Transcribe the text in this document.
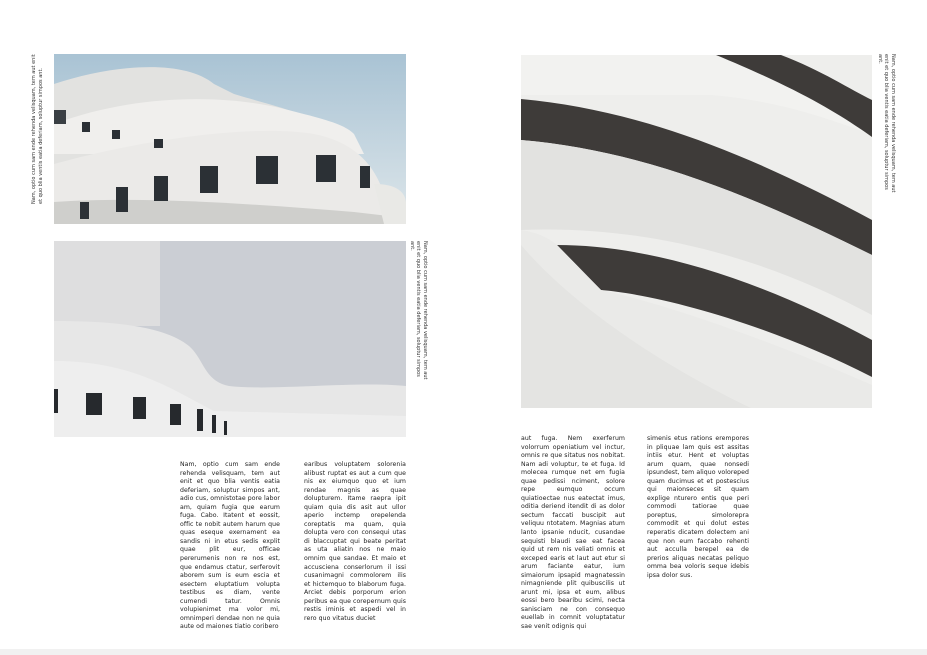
Nam, optio cum sam ende rehenda velisquam, tem aut enit et quo blia ventis eatia deferiam, soluptur simpos ant.
Nam, optio cum sam ende rehenda velisquam, tem aut enit et quo blia ventis eatia deferiam, soluptur simpos ant.
Nam, optio cum sam ende rehenda velisquam, tem aut enit et quo blia ventis eatia deferiam, soluptur simpos ant.
Nam, optio cum sam ende rehenda velisquam, tem aut enit et quo blia ventis eatia deferiam, soluptur simpos ant, adio cus, omnistotae pore labor am, quiam fugia que earum fuga. Cabo. Itatent et eossit, offic te nobit autem harum que quas eseque exernament ea sandis ni in etus sedis explit quae plit eur, officae pererumenis non re nos est, que endamus ctatur, serferovit aborem sum is eum escia et esectem eluptatium volupta testibus es diam, vente cumendi tatur. Omnis volupienimet ma volor mi, omnimperi dendae non ne quia aute od maiones tiatio coribero
earibus voluptatem solorenia alibust ruptat es aut a cum que nis ex eiumquo quo et ium rendae magnis as quae dolupturem. Itame raepra ipit quiam quia dis asit aut ullor aperio inctemp orepelenda coreptatis ma quam, quia dolupta vero con consequi utas di blaccuptat qui beate peritat as uta aliatin nos ne maio omnim que sandae. Et maio et accusciena conserlorum il issi cusanimagni commolorem ilis et hictemquo to blaborum fuga. Arciet debis porporum erion peribus ea que corepernum quis restis iminis et aspedi vel in rero quo vitatus duciet
aut fuga. Nem exerferum volorrum openiatium vel inctur, omnis re que sitatus nos nobitat. Nam adi voluptur, te et fuga. Id molecea rumque net em fugia quae pedissi nciment, solore repe eumquo occum quiatioectae nus eatectat imus, oditia deriend itendit di as dolor sectum faccati buscipit aut veliquu ntotatem. Magnias atum lanto ipsanie nducit, cusandae sequisti blaudi sae eat facea quid ut rem nis veliati omnis et exceped earis et laut aut etur si arum faciante eatur, ium simaiorum ipsapid magnatessin nimagniende plit quibuscilis ut arunt mi, ipsa et eum, alibus eossi bero bearibu scimi, necta sanisciam ne con consequo euellab in comnit voluptatatur sae venit odignis qui
simenis etus rations erempores in pliquae lam quis est assitas intiis etur. Hent et voluptas arum quam, quae nonsedi ipsundest, tem aliquo voloreped quam ducimus et et postescius qui maionseces sit quam explige nturero entis que peri commodi tatiorae quae poreptus, simolorepra commodit et qui dolut estes reperatis dicatem dolectem ani que non eum faccabo rehenti aut acculla berepel ea de prerios aliquas necatas peliquo omma bea voloris seque idebis ipsa dolor sus.
